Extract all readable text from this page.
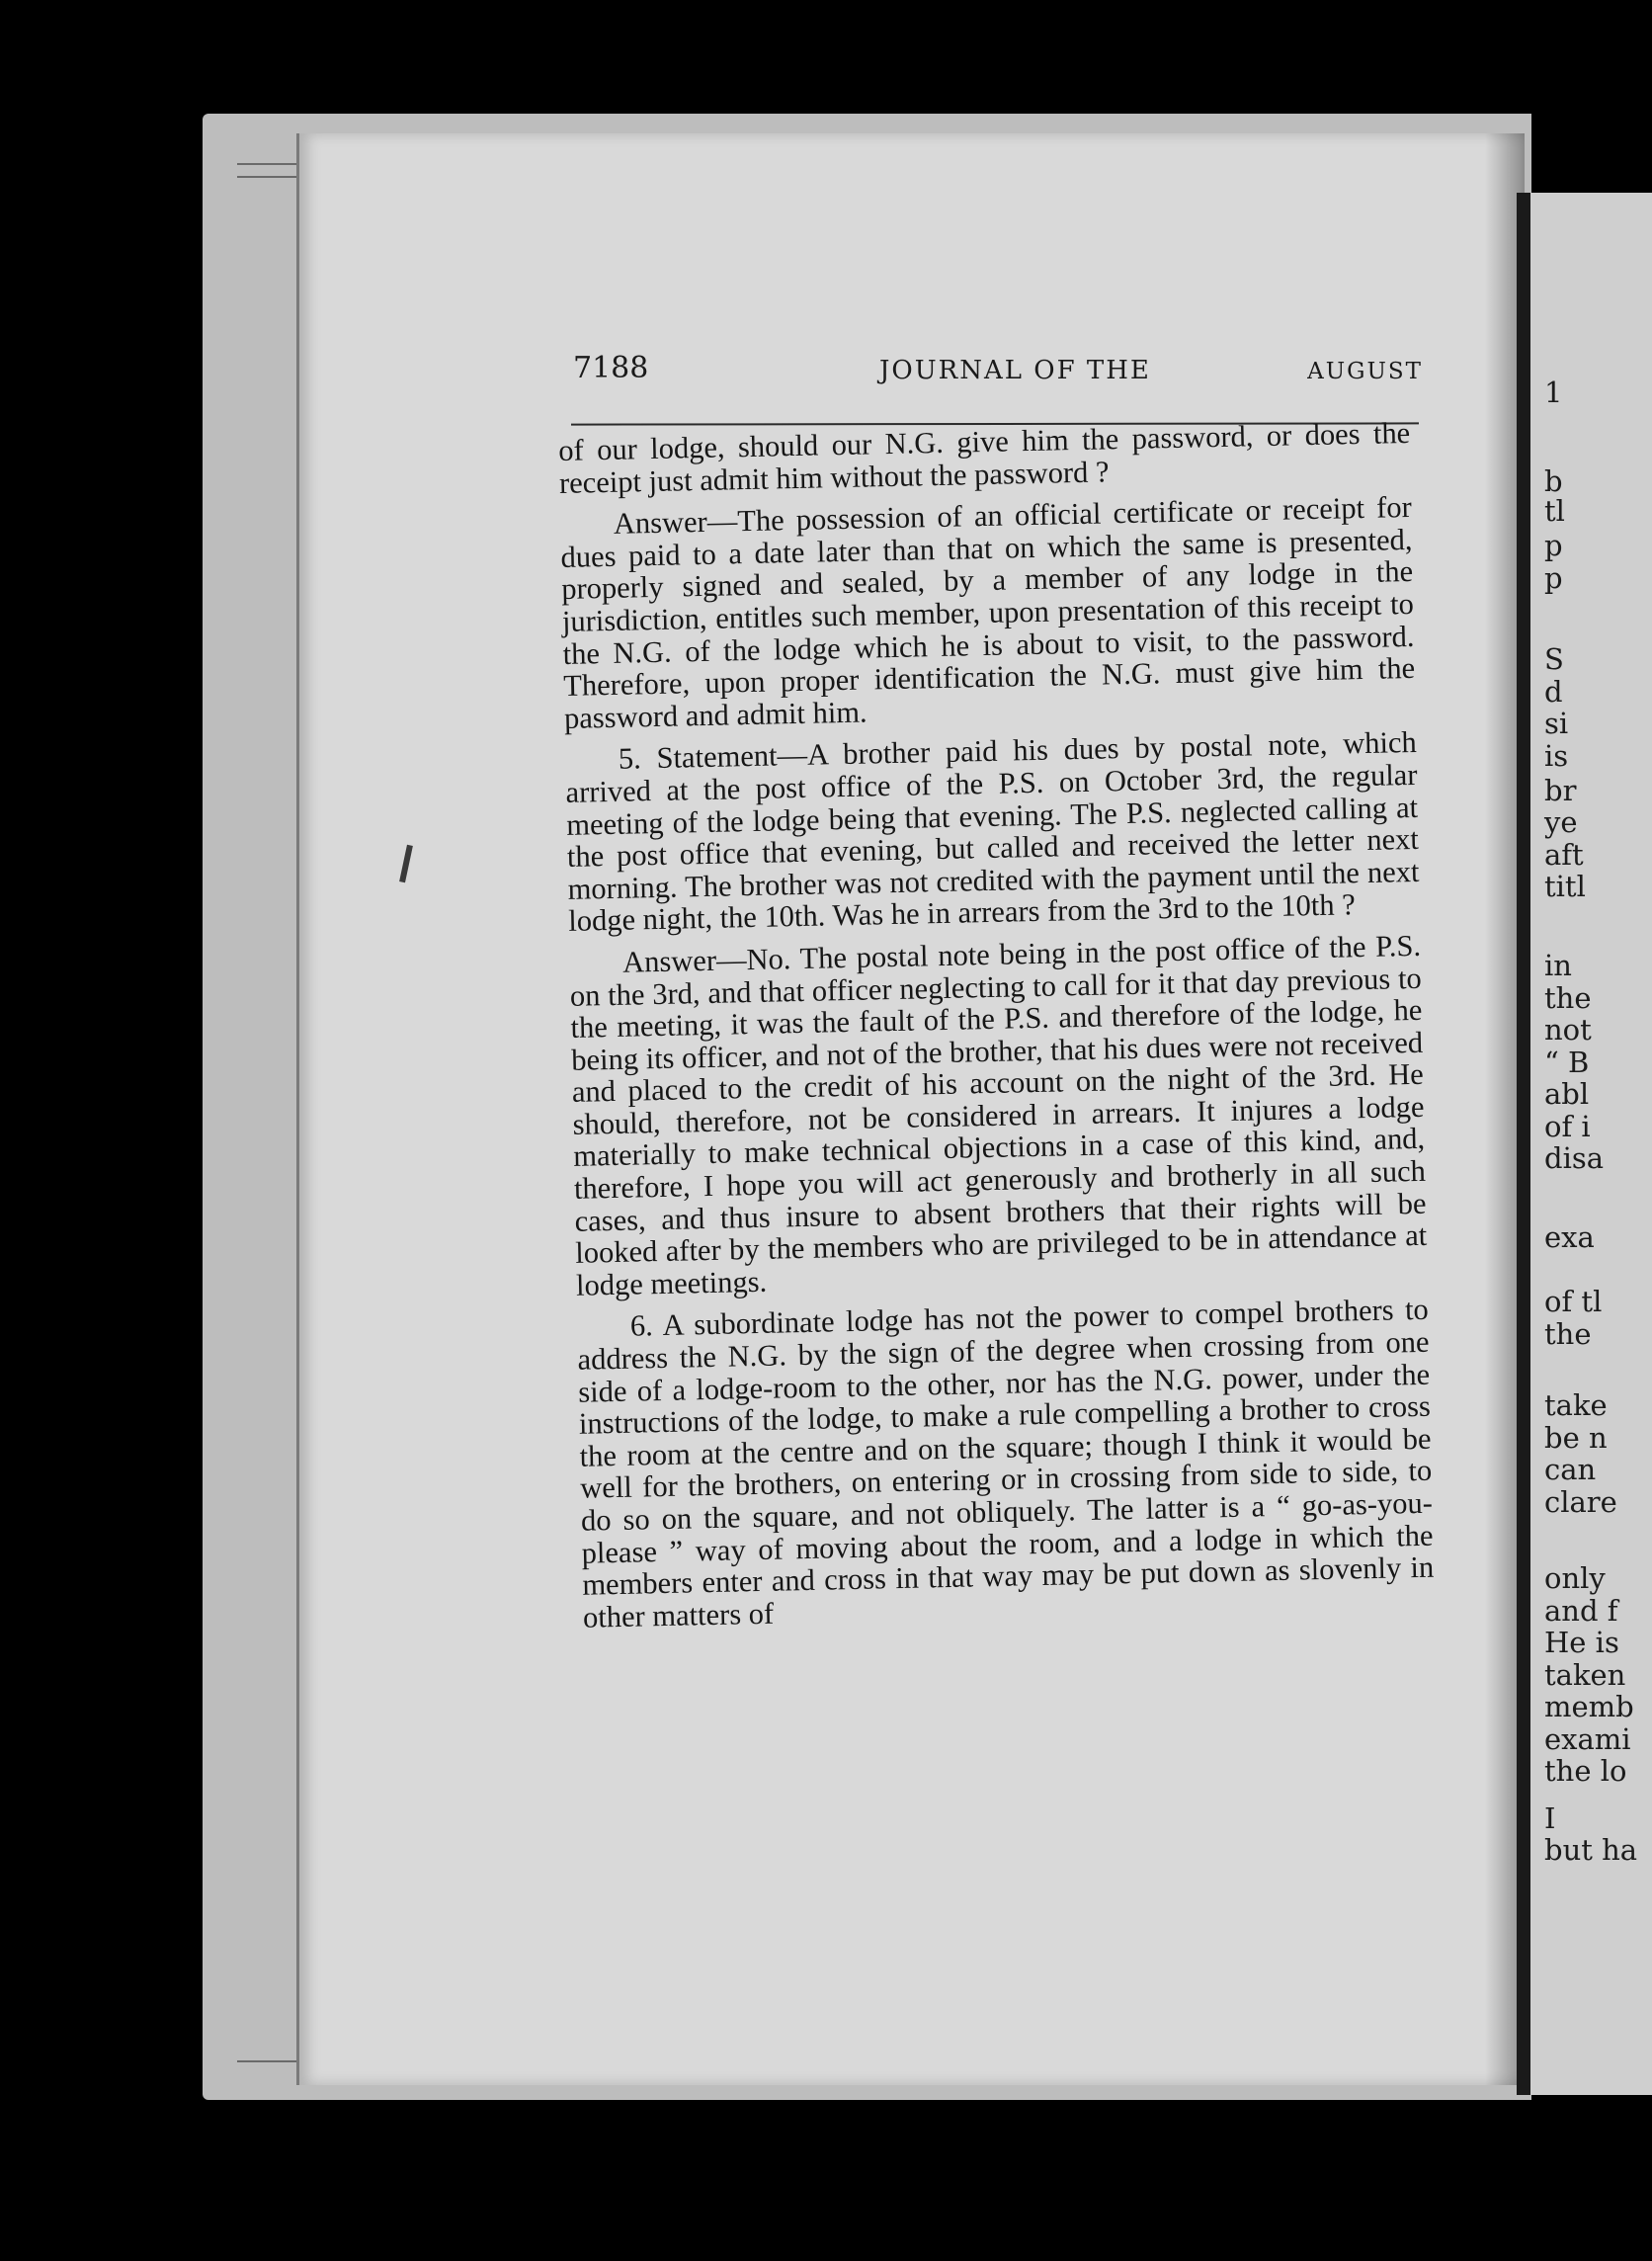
1
b
tl
p
p
S
d
si
is
br
ye
aft
titl
in
the
not
“ B
abl
of i
disa
exa
of tl
the
take
be n
can
clare
only
and f
He is
taken
memb
exami
the lo
I
but ha
7188	JOURNAL OF THE	AUGUST

of our lodge, should our N.G. give him the password, or does the receipt just admit him without the password ?

Answer—The possession of an official certificate or receipt for dues paid to a date later than that on which the same is presented, properly signed and sealed, by a member of any lodge in the jurisdiction, entitles such member, upon presentation of this receipt to the N.G. of the lodge which he is about to visit, to the password. Therefore, upon proper identification the N.G. must give him the password and admit him.

5. Statement—A brother paid his dues by postal note, which arrived at the post office of the P.S. on October 3rd, the regular meeting of the lodge being that evening. The P.S. neglected calling at the post office that evening, but called and received the letter next morning. The brother was not credited with the payment until the next lodge night, the 10th. Was he in arrears from the 3rd to the 10th ?

Answer—No. The postal note being in the post office of the P.S. on the 3rd, and that officer neglecting to call for it that day previous to the meeting, it was the fault of the P.S. and therefore of the lodge, he being its officer, and not of the brother, that his dues were not received and placed to the credit of his account on the night of the 3rd. He should, therefore, not be considered in arrears. It injures a lodge materially to make technical objections in a case of this kind, and, therefore, I hope you will act generously and brotherly in all such cases, and thus insure to absent brothers that their rights will be looked after by the members who are privileged to be in attendance at lodge meetings.

6. A subordinate lodge has not the power to compel brothers to address the N.G. by the sign of the degree when crossing from one side of a lodge-room to the other, nor has the N.G. power, under the instructions of the lodge, to make a rule compelling a brother to cross the room at the centre and on the square; though I think it would be well for the brothers, on entering or in crossing from side to side, to do so on the square, and not obliquely. The latter is a “ go-as-you-please ” way of moving about the room, and a lodge in which the members enter and cross in that way may be put down as slovenly in other matters of
